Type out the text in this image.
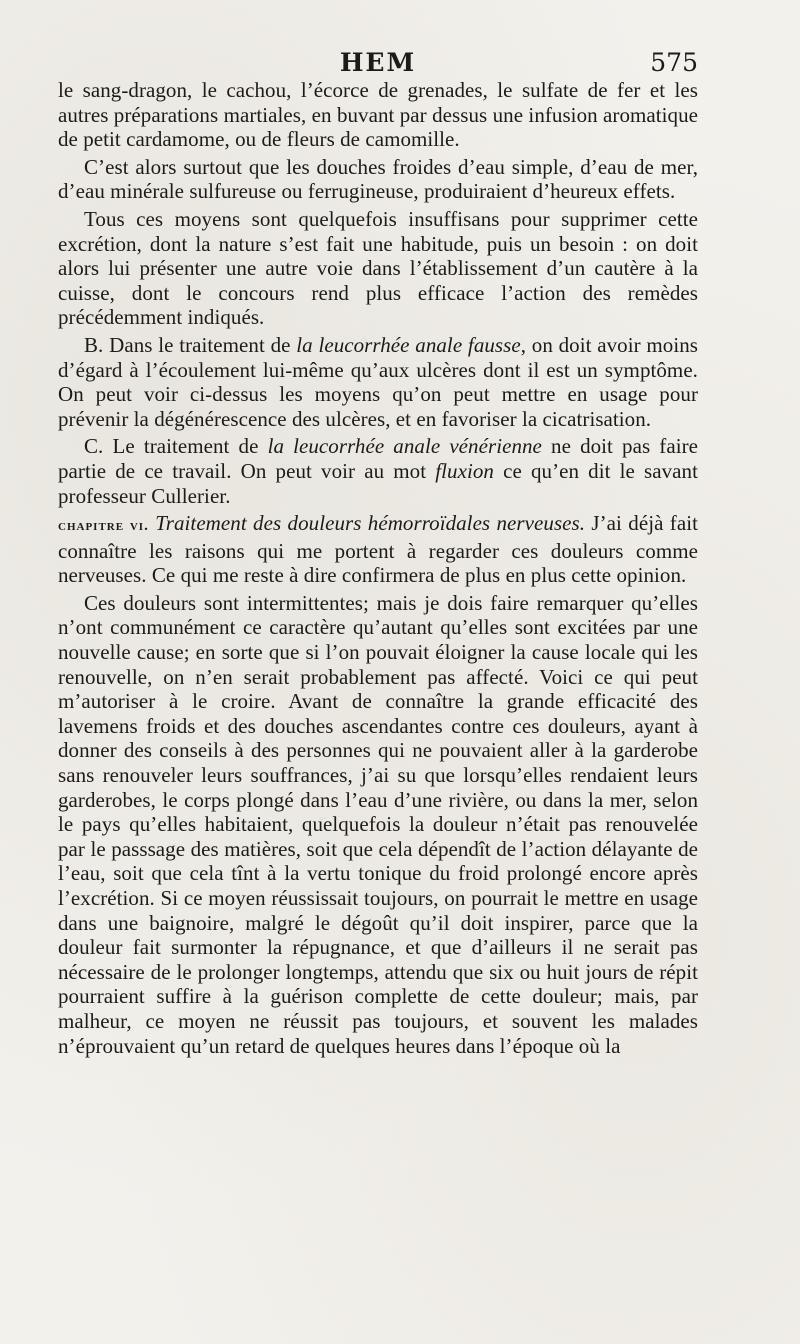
HEM	575

le sang-dragon, le cachou, l’écorce de grenades, le sulfate de fer et les autres préparations martiales, en buvant par dessus une infusion aromatique de petit cardamome, ou de fleurs de camomille.

C’est alors surtout que les douches froides d’eau simple, d’eau de mer, d’eau minérale sulfureuse ou ferrugineuse, produiraient d’heureux effets.

Tous ces moyens sont quelquefois insuffisans pour supprimer cette excrétion, dont la nature s’est fait une habitude, puis un besoin : on doit alors lui présenter une autre voie dans l’établissement d’un cautère à la cuisse, dont le concours rend plus efficace l’action des remèdes précédemment indiqués.

B. Dans le traitement de la leucorrhée anale fausse, on doit avoir moins d’égard à l’écoulement lui-même qu’aux ulcères dont il est un symptôme. On peut voir ci-dessus les moyens qu’on peut mettre en usage pour prévenir la dégénérescence des ulcères, et en favoriser la cicatrisation.

C. Le traitement de la leucorrhée anale vénérienne ne doit pas faire partie de ce travail. On peut voir au mot fluxion ce qu’en dit le savant professeur Cullerier.

chapitre vi. Traitement des douleurs hémorroïdales nerveuses. J’ai déjà fait connaître les raisons qui me portent à regarder ces douleurs comme nerveuses. Ce qui me reste à dire confirmera de plus en plus cette opinion.

Ces douleurs sont intermittentes; mais je dois faire remarquer qu’elles n’ont communément ce caractère qu’autant qu’elles sont excitées par une nouvelle cause; en sorte que si l’on pouvait éloigner la cause locale qui les renouvelle, on n’en serait probablement pas affecté. Voici ce qui peut m’autoriser à le croire. Avant de connaître la grande efficacité des lavemens froids et des douches ascendantes contre ces douleurs, ayant à donner des conseils à des personnes qui ne pouvaient aller à la garderobe sans renouveler leurs souffrances, j’ai su que lorsqu’elles rendaient leurs garderobes, le corps plongé dans l’eau d’une rivière, ou dans la mer, selon le pays qu’elles habitaient, quelquefois la douleur n’était pas renouvelée par le passsage des matières, soit que cela dépendît de l’action délayante de l’eau, soit que cela tînt à la vertu tonique du froid prolongé encore après l’excrétion. Si ce moyen réussissait toujours, on pourrait le mettre en usage dans une baignoire, malgré le dégoût qu’il doit inspirer, parce que la douleur fait surmonter la répugnance, et que d’ailleurs il ne serait pas nécessaire de le prolonger longtemps, attendu que six ou huit jours de répit pourraient suffire à la guérison complette de cette douleur; mais, par malheur, ce moyen ne réussit pas toujours, et souvent les malades n’éprouvaient qu’un retard de quelques heures dans l’époque où la
